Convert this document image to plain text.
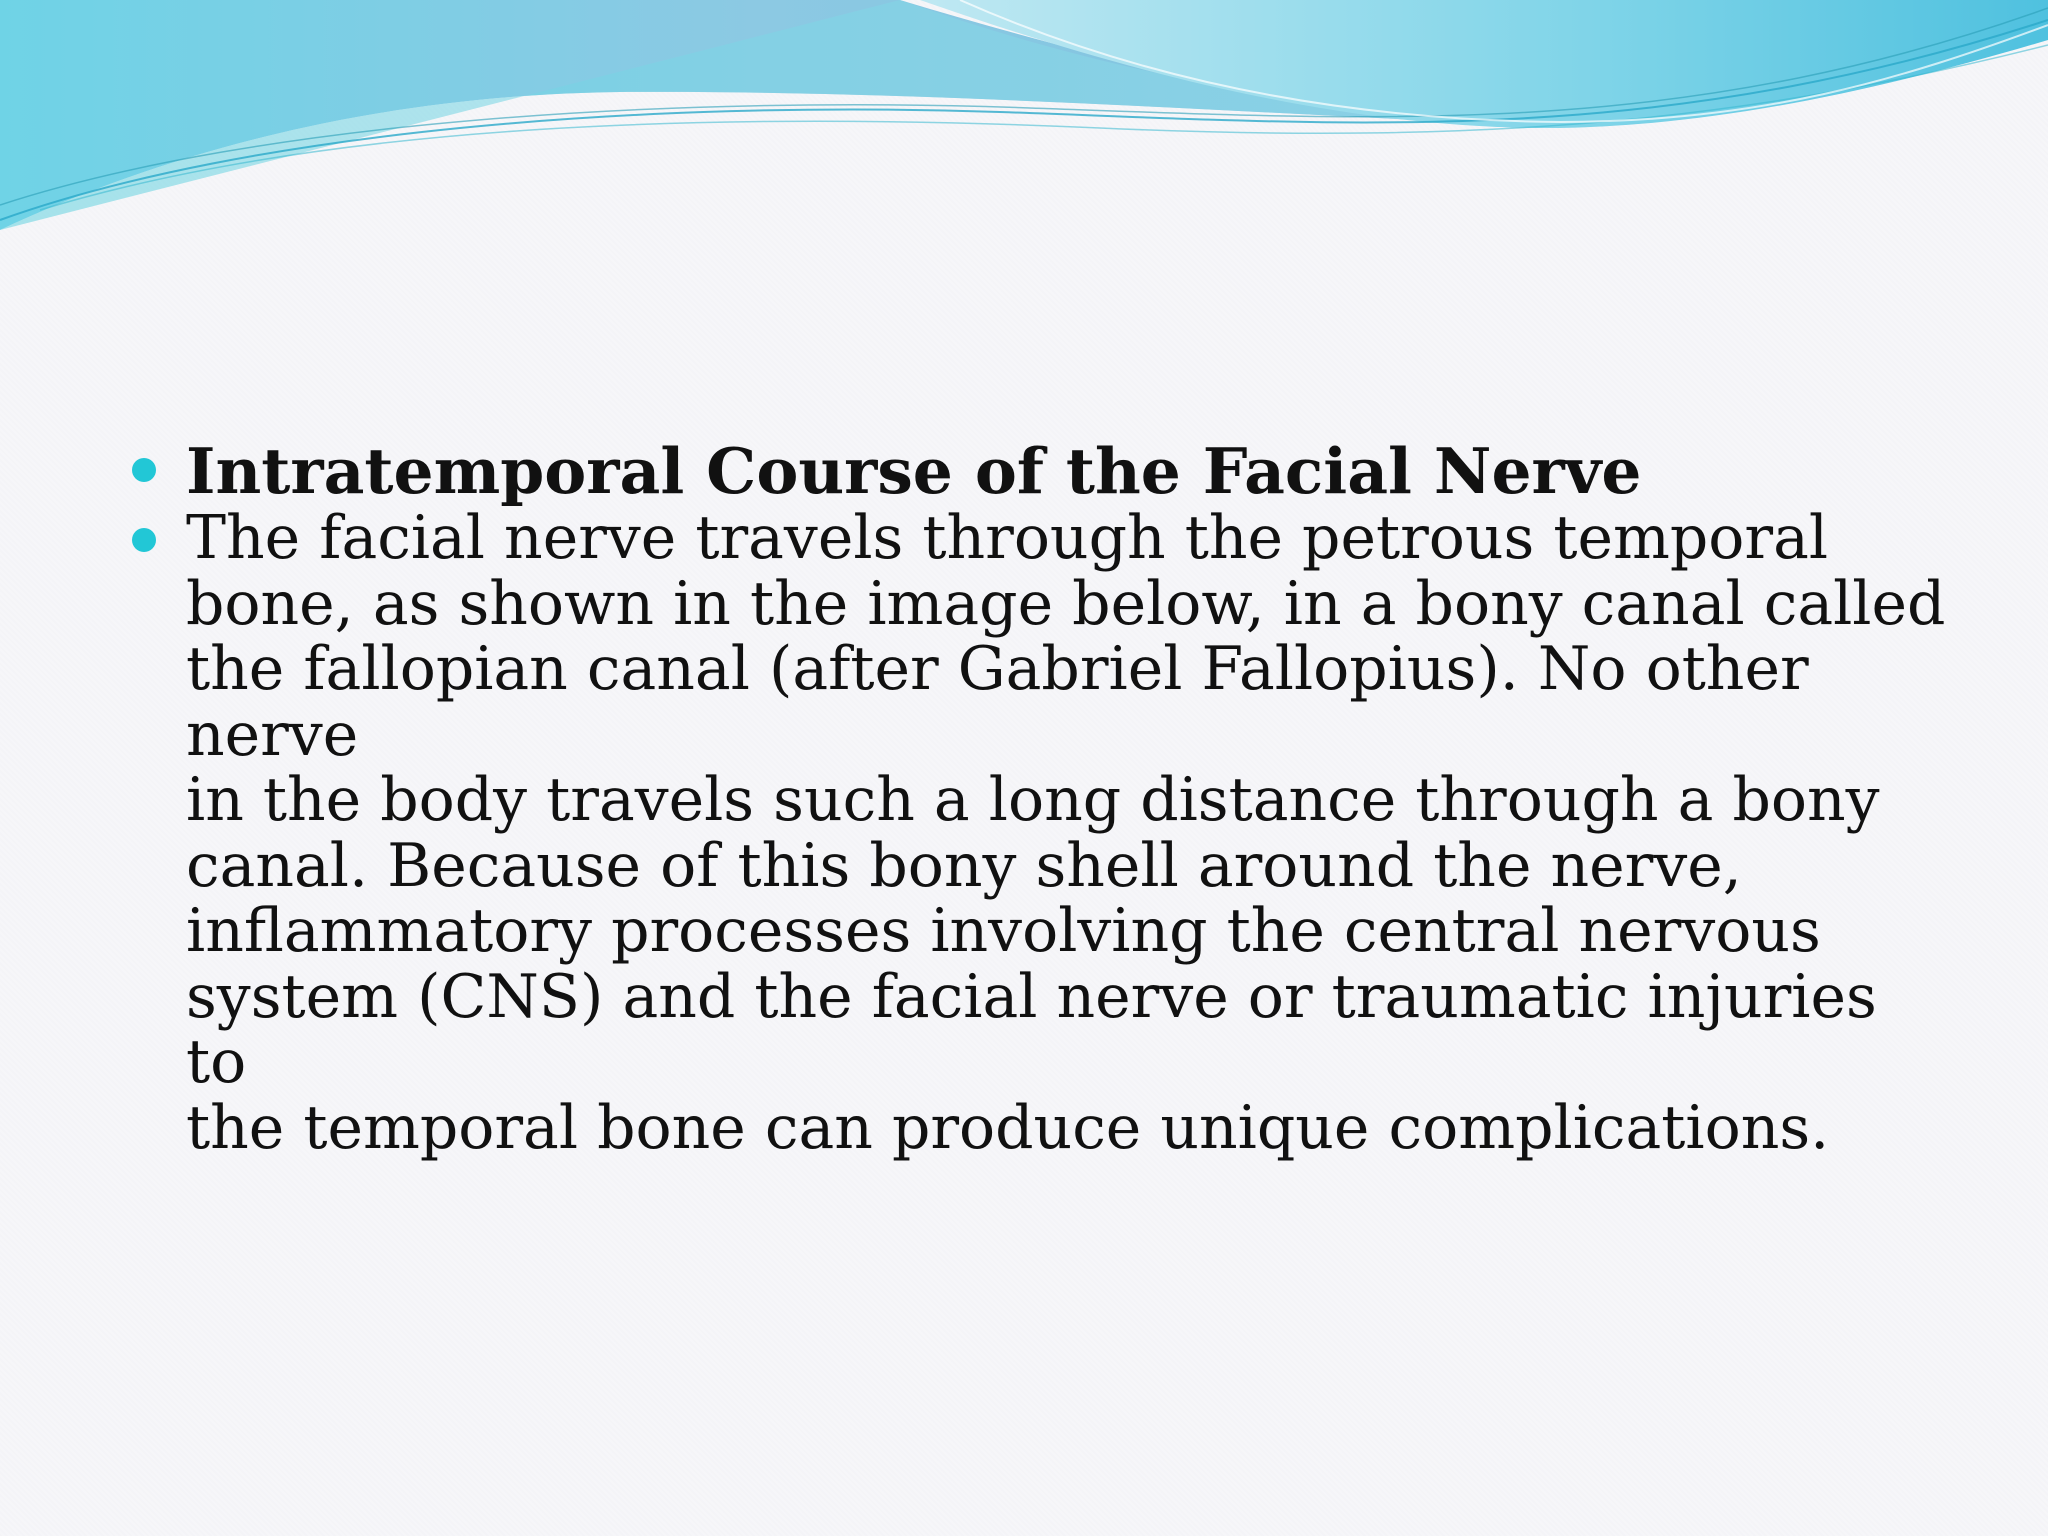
Intratemporal Course of the Facial Nerve
The facial nerve travels through the petrous temporal
bone, as shown in the image below, in a bony canal called
the fallopian canal (after Gabriel Fallopius). No other nerve
in the body travels such a long distance through a bony
canal. Because of this bony shell around the nerve,
inflammatory processes involving the central nervous
system (CNS) and the facial nerve or traumatic injuries to
the temporal bone can produce unique complications.
